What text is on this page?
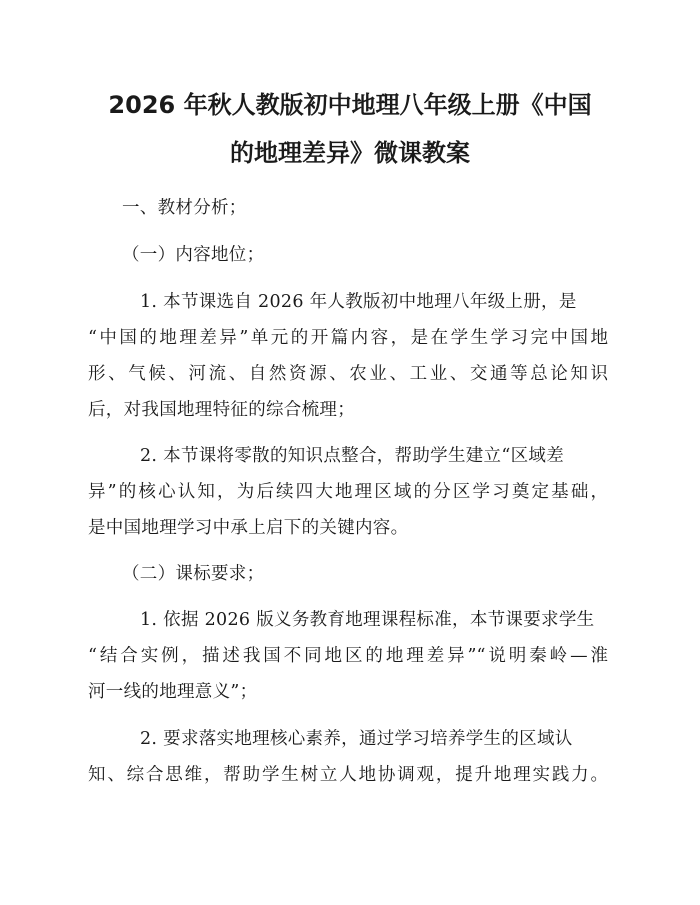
2026 年秋人教版初中地理八年级上册《中国
的地理差异》微课教案
一、教材分析；
（一）内容地位；
1. 本节课选自 2026 年人教版初中地理八年级上册，是
“中国的地理差异”单元的开篇内容，是在学生学习完中国地
形、气候、河流、自然资源、农业、工业、交通等总论知识
后，对我国地理特征的综合梳理；
2. 本节课将零散的知识点整合，帮助学生建立“区域差
异”的核心认知，为后续四大地理区域的分区学习奠定基础，
是中国地理学习中承上启下的关键内容。
（二）课标要求；
1. 依据 2026 版义务教育地理课程标准，本节课要求学生
“结合实例，描述我国不同地区的地理差异”“说明秦岭—淮
河一线的地理意义”；
2. 要求落实地理核心素养，通过学习培养学生的区域认
知、综合思维，帮助学生树立人地协调观，提升地理实践力。
